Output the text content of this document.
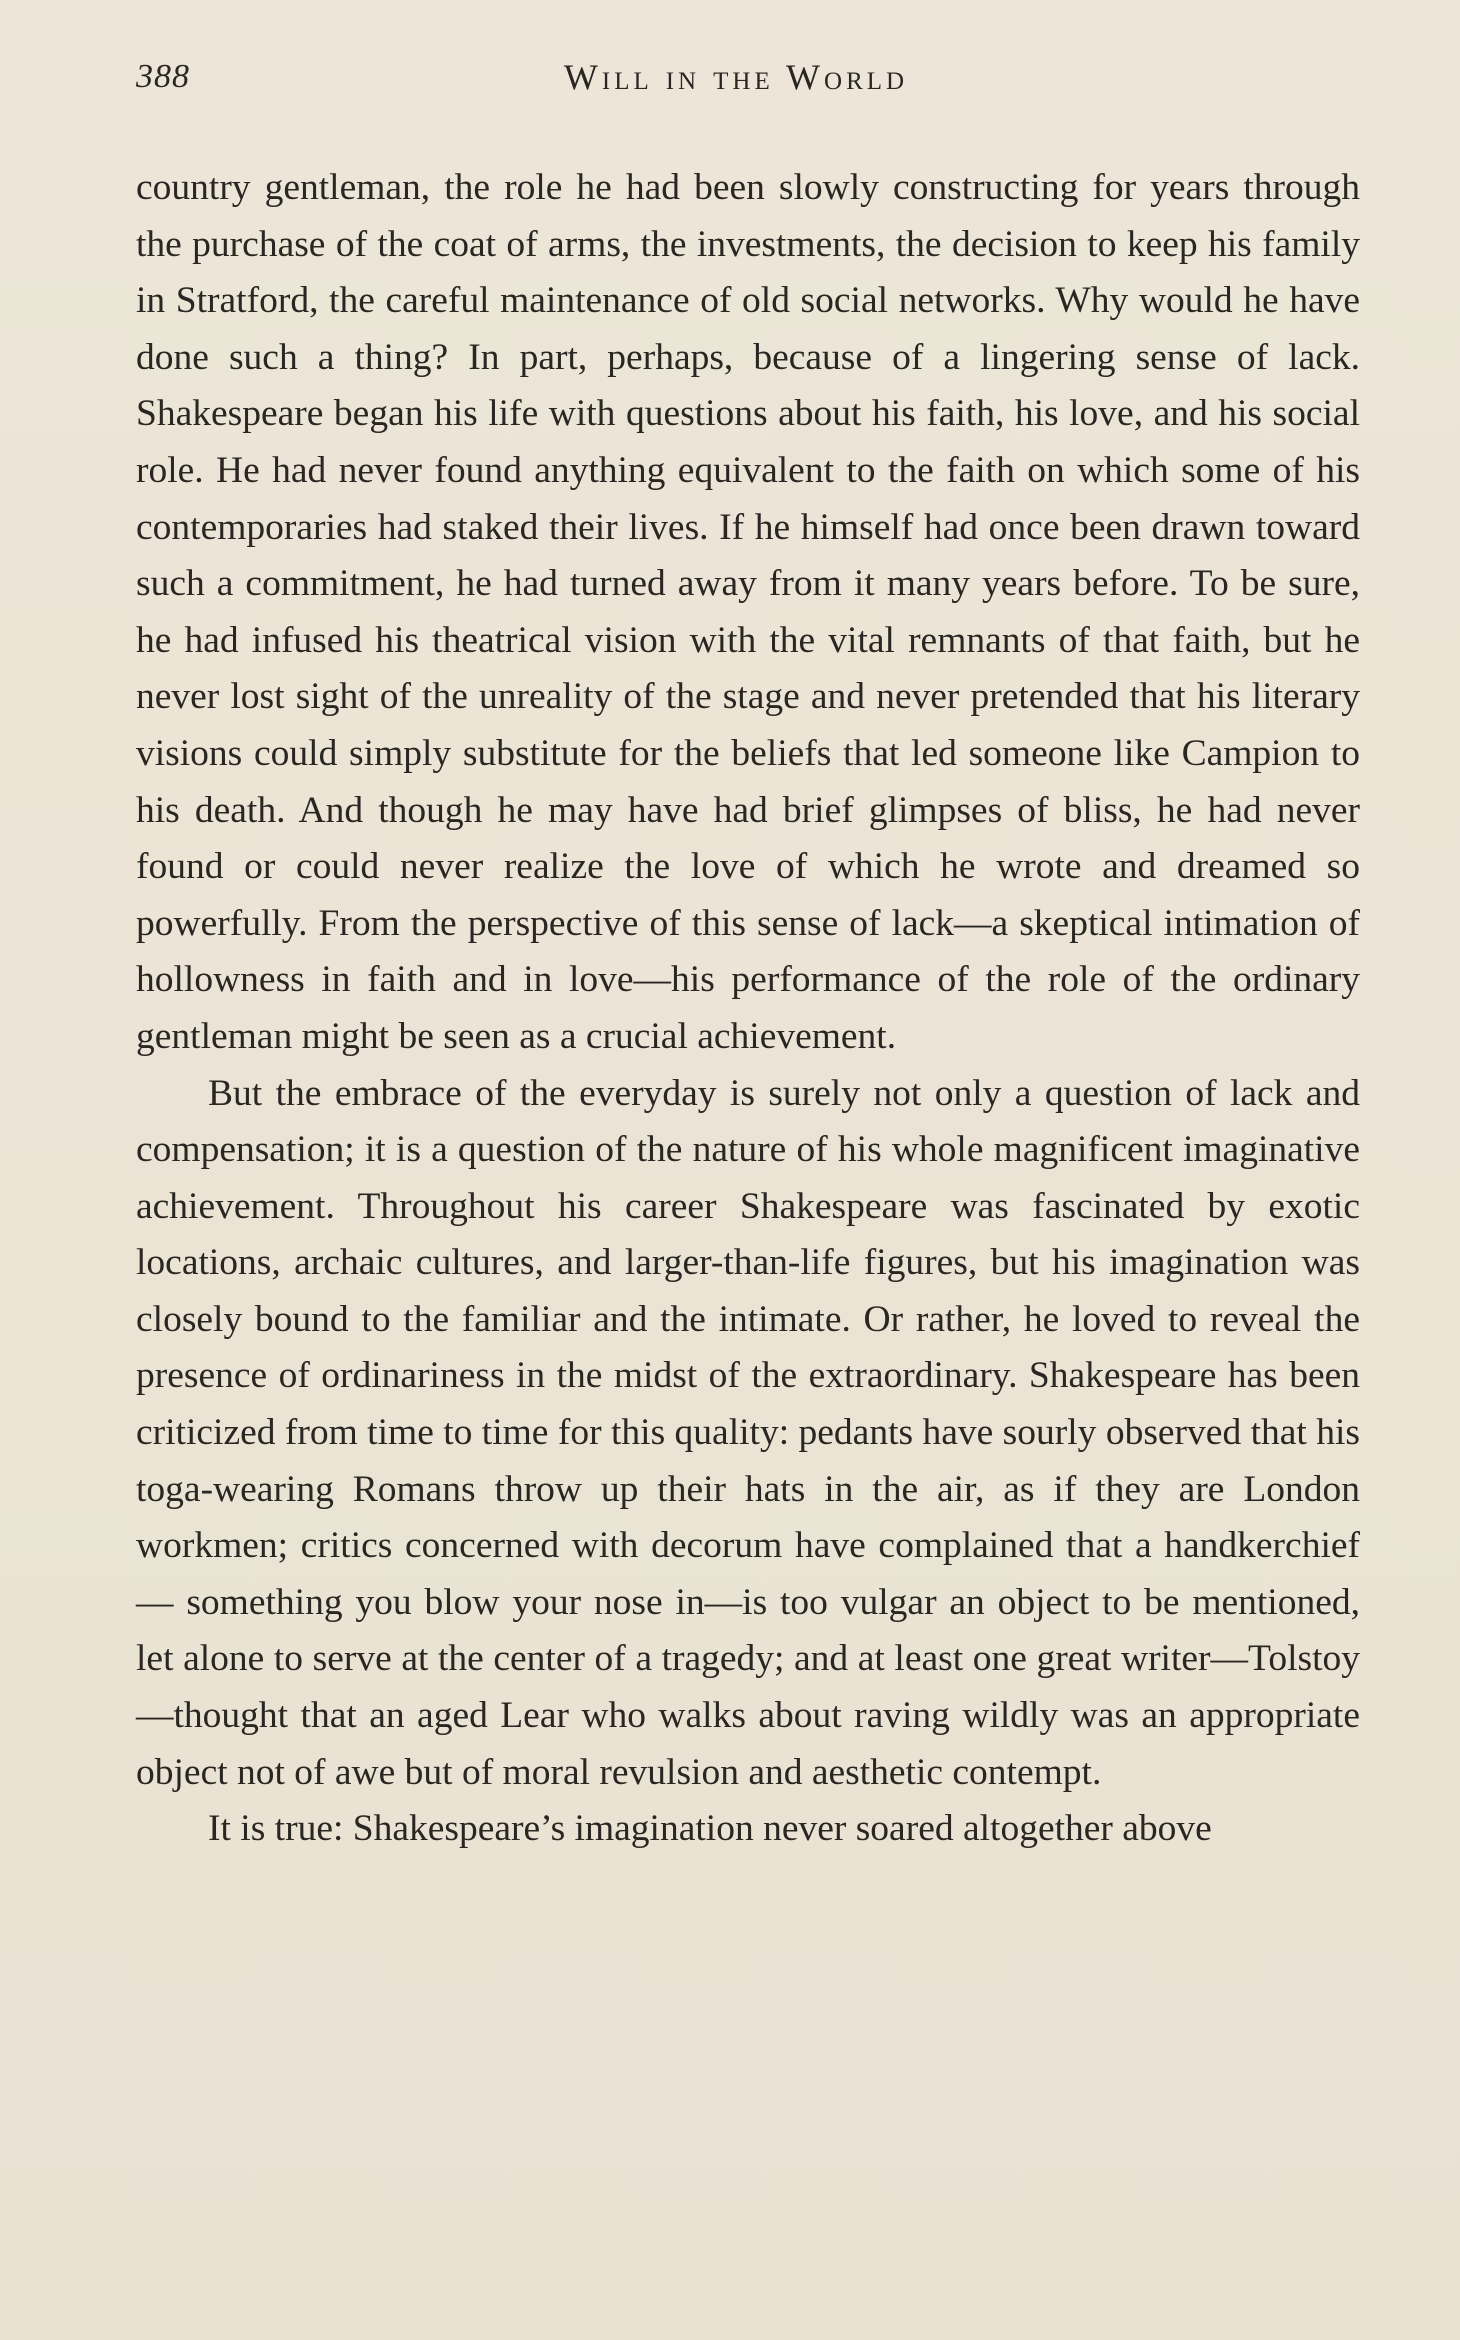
388	Will in the World

country gentleman, the role he had been slowly constructing for years through the purchase of the coat of arms, the investments, the decision to keep his family in Stratford, the careful maintenance of old social networks. Why would he have done such a thing? In part, perhaps, because of a lingering sense of lack. Shakespeare began his life with questions about his faith, his love, and his social role. He had never found anything equivalent to the faith on which some of his contemporaries had staked their lives. If he himself had once been drawn toward such a commitment, he had turned away from it many years before. To be sure, he had infused his theatrical vision with the vital remnants of that faith, but he never lost sight of the unreality of the stage and never pretended that his literary visions could simply substitute for the beliefs that led someone like Campion to his death. And though he may have had brief glimpses of bliss, he had never found or could never realize the love of which he wrote and dreamed so powerfully. From the perspective of this sense of lack—a skeptical intimation of hollowness in faith and in love—his performance of the role of the ordinary gentleman might be seen as a crucial achievement.

But the embrace of the everyday is surely not only a question of lack and compensation; it is a question of the nature of his whole magnificent imaginative achievement. Throughout his career Shakespeare was fascinated by exotic locations, archaic cultures, and larger-than-life figures, but his imagination was closely bound to the familiar and the intimate. Or rather, he loved to reveal the presence of ordinariness in the midst of the extraordinary. Shakespeare has been criticized from time to time for this quality: pedants have sourly observed that his toga-wearing Romans throw up their hats in the air, as if they are London workmen; critics concerned with decorum have complained that a handkerchief— something you blow your nose in—is too vulgar an object to be mentioned, let alone to serve at the center of a tragedy; and at least one great writer—Tolstoy—thought that an aged Lear who walks about raving wildly was an appropriate object not of awe but of moral revulsion and aesthetic contempt.

It is true: Shakespeare’s imagination never soared altogether above
